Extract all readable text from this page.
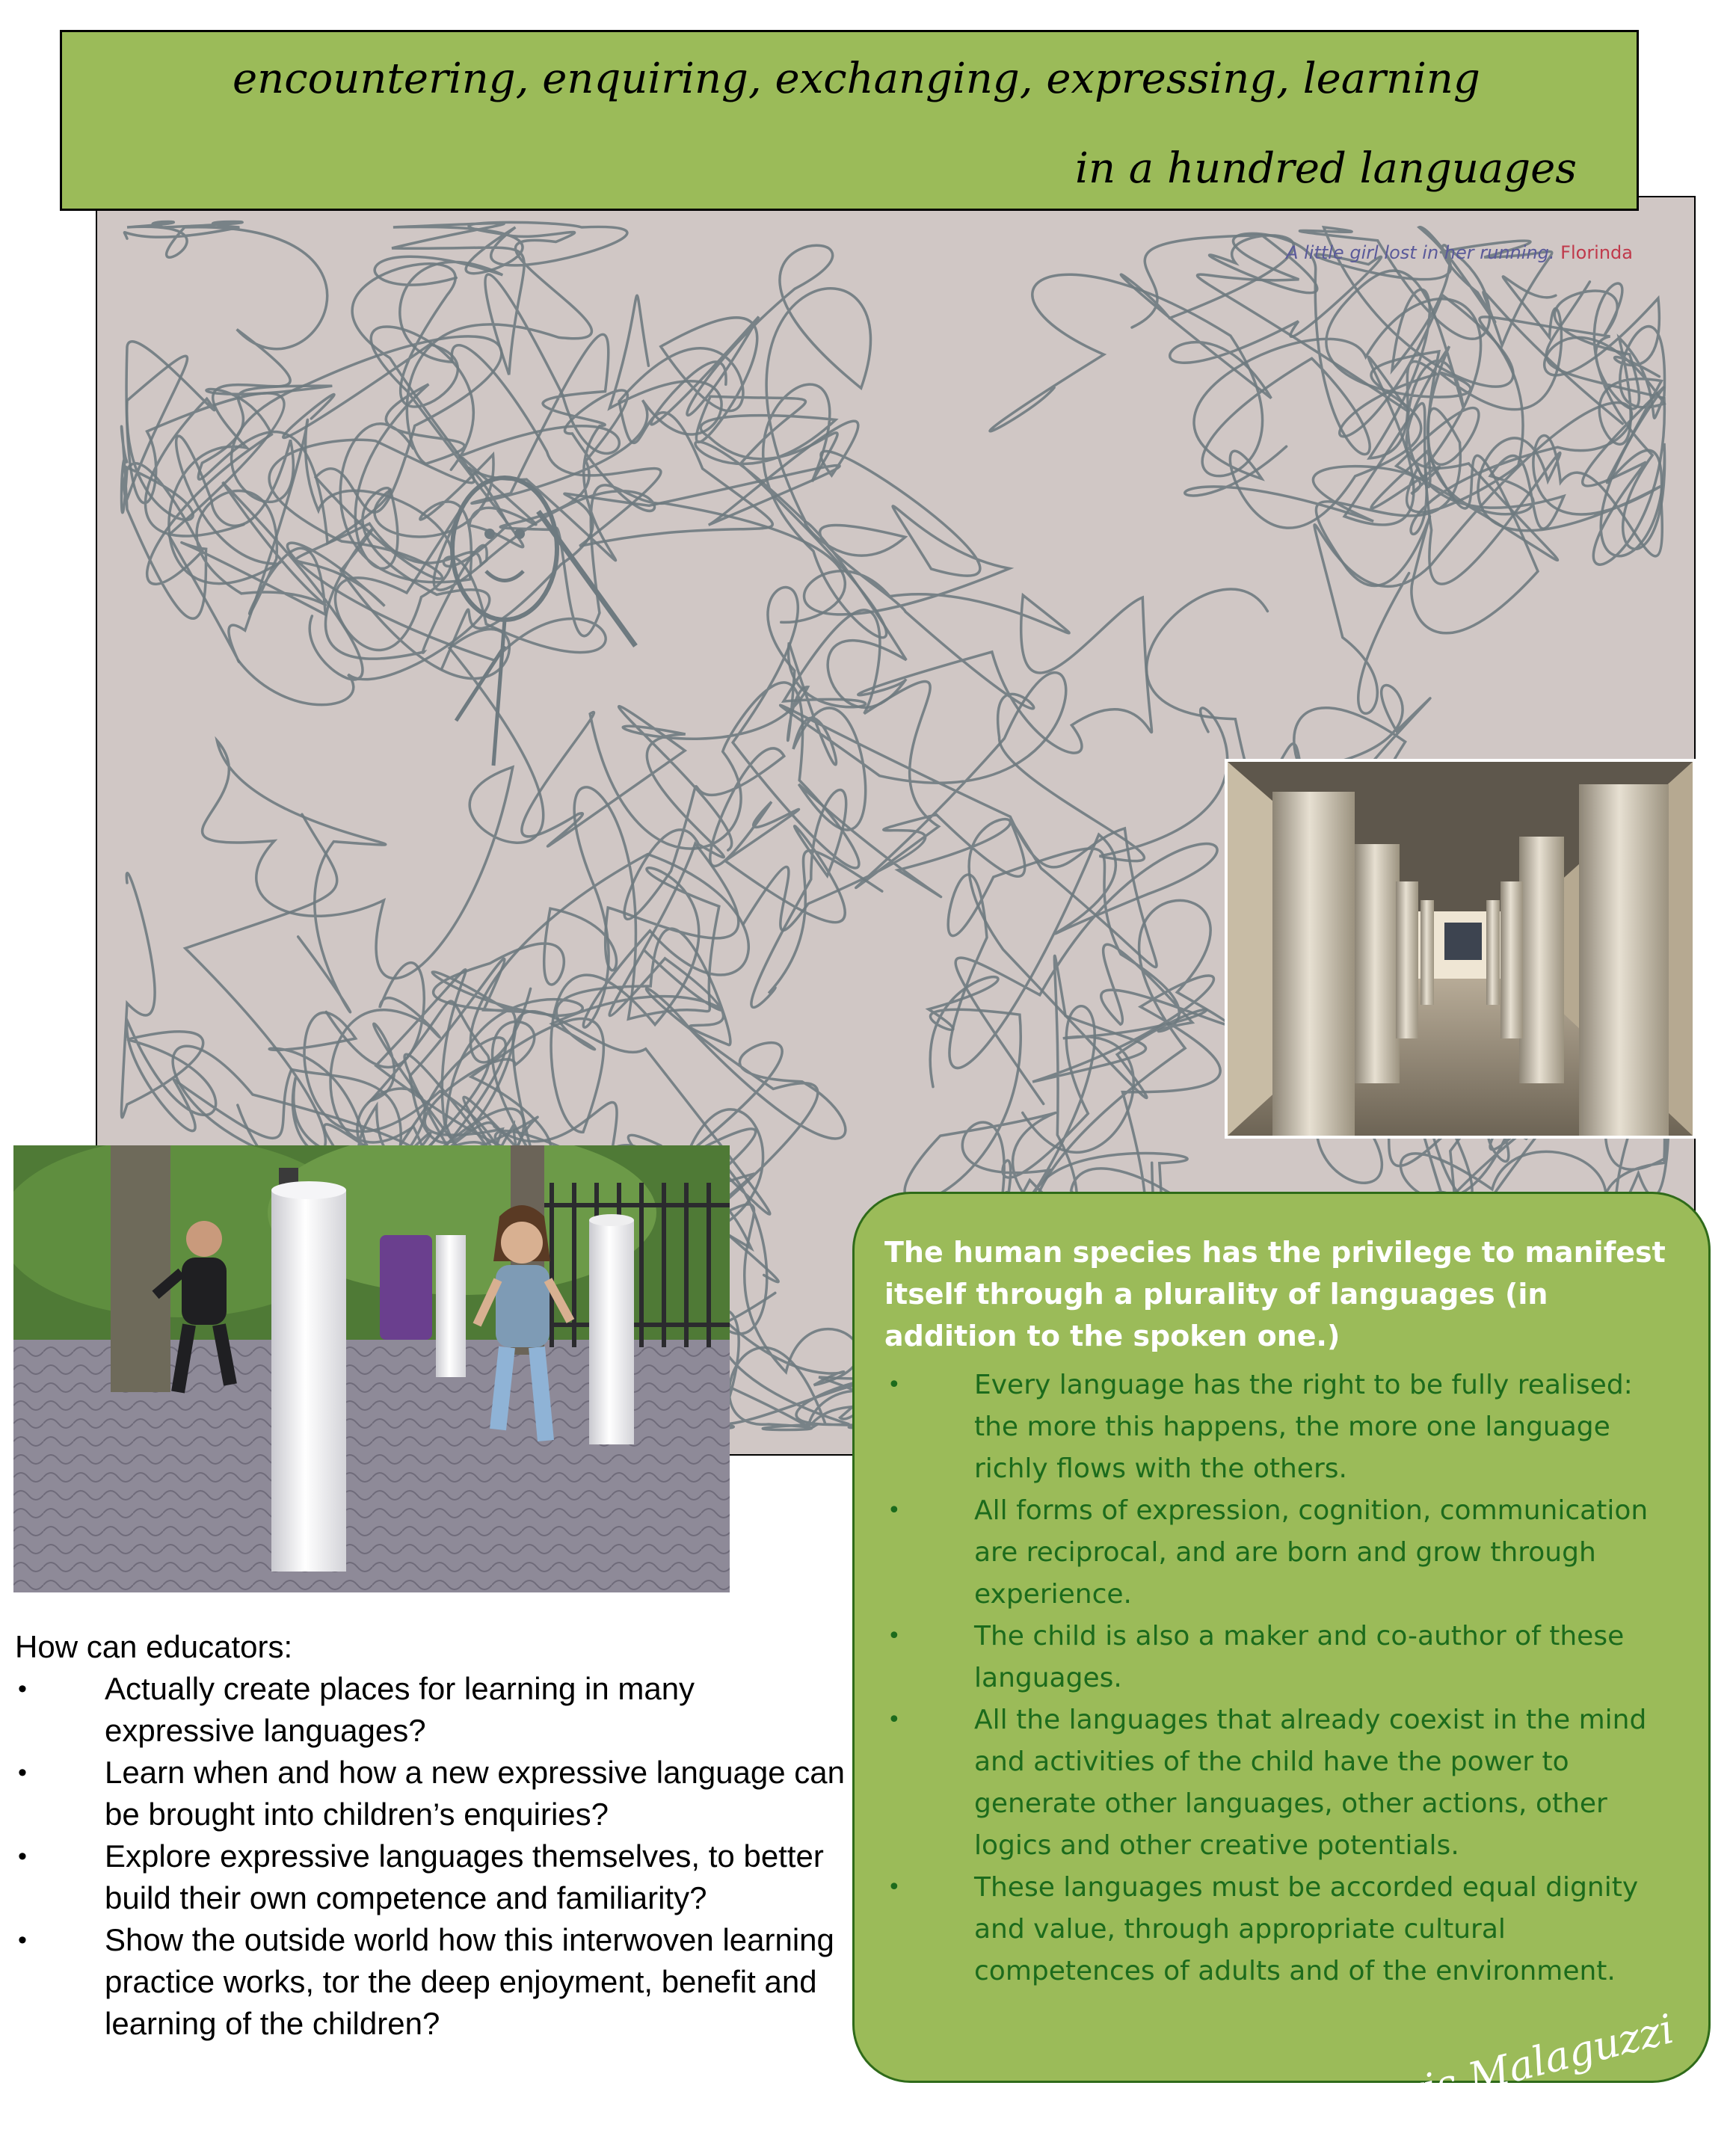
A little girl lost in her running. Florinda

encountering, enquiring, exchanging, expressing, learning

in a hundred languages

How can educators:

• Actually create places for learning in many expressive languages?
• Learn when and how a new expressive language can be brought into children’s enquiries?
• Explore expressive languages themselves, to better build their own competence and familiarity?
• Show the outside world how this interwoven learning practice works, tor the deep enjoyment, benefit and learning of the children?

The human species has the privilege to manifest itself through a plurality of languages (in addition to the spoken one.)

• Every language has the right to be fully realised: the more this happens, the more one language richly flows with the others.
• All forms of expression, cognition, communication are reciprocal, and are born and grow through experience.
• The child is also a maker and co-author of these languages.
• All the languages that already coexist in the mind and activities of the child have the power to generate other languages, other actions, other logics and other creative potentials.
• These languages must be accorded equal dignity and value, through appropriate cultural competences of adults and of the environment.

Loris Malaguzzi
